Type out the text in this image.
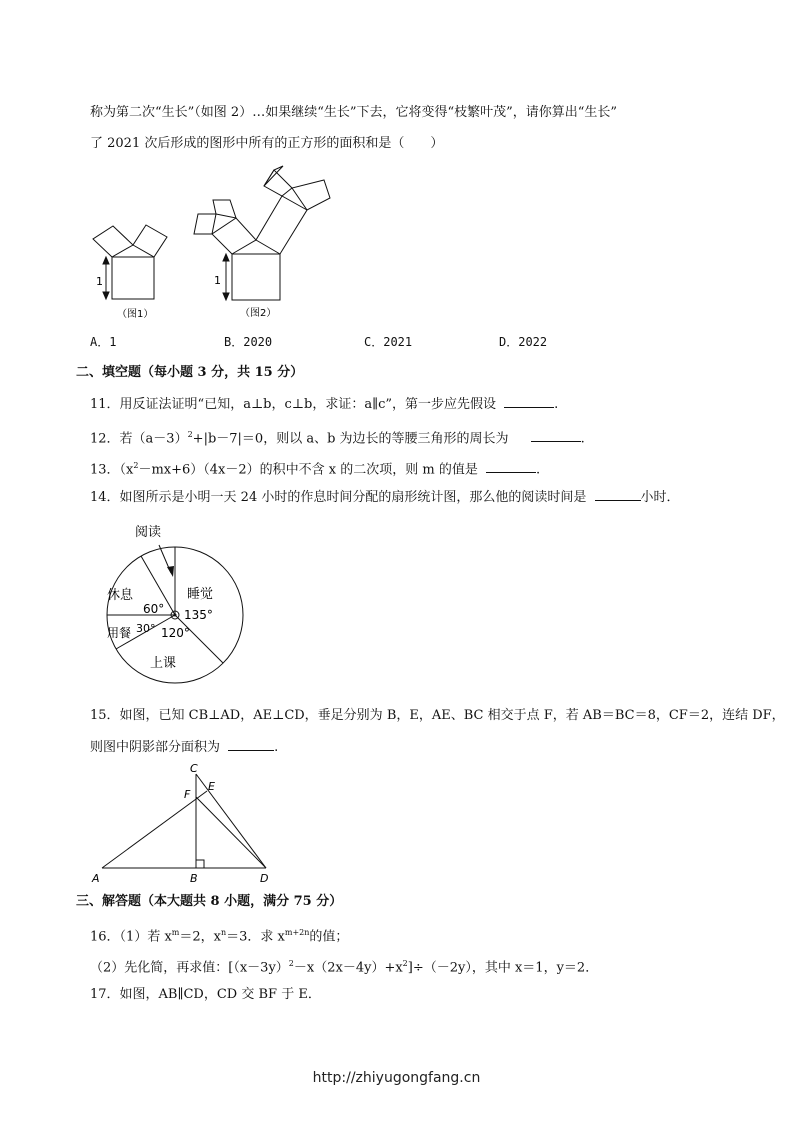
称为第二次“生长”（如图 2）…如果继续“生长”下去，它将变得“枝繁叶茂”，请你算出“生长”
了 2021 次后形成的图形中所有的正方形的面积和是（　　）
1
（图1）
1
（图2）
A．1	B．2020	C．2021	D．2022
二、填空题（每小题 3 分，共 15 分）
11．用反证法证明“已知，a⊥b，c⊥b，求证：a∥c”，第一步应先假设	.
12．若$(a-3)^2+|b-7|=0$，则以 a、b 为边长的等腰三角形的周长为	.
13．$(x^2-mx+6)(4x-2)$的积中不含 x 的二次项，则 m 的值是	.
14．如图所示是小明一天 24 小时的作息时间分配的扇形统计图，那么他的阅读时间是	小时．
阅读
休息	睡觉
用餐
上课
60° 135°
30° 120°
15．如图，已知 CB⊥AD，AE⊥CD，垂足分别为 B，E，AE、BC 相交于点 F，若 AB＝BC＝8，CF＝2，连结 DF，
则图中阴影部分面积为	.
C
E
F
A	B	D
三、解答题（本大题共 8 小题，满分 75 分）
16．（1）若 $x^m=2$，$x^n=3$．求 $x^{m+2n}$的值；
（2）先化简，再求值：$[(x-3y)^2-x(2x-4y)+x^2]\div(-2y)$，其中 x＝1，y＝2．
17．如图，AB∥CD，CD 交 BF 于 E．
http://zhiyugongfang.cn
